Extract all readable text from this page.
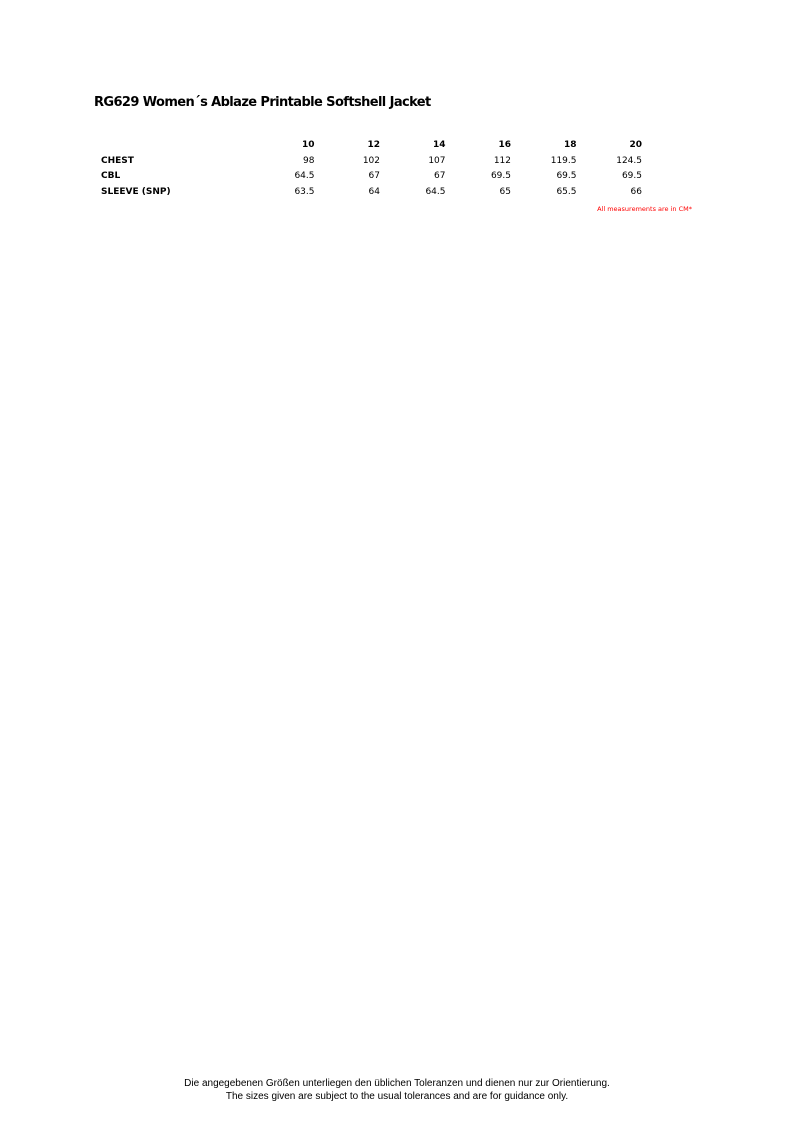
RG629 Women´s Ablaze Printable Softshell Jacket
	10	12	14	16	18	20
CHEST	98	102	107	112	119.5	124.5
CBL	64.5	67	67	69.5	69.5	69.5
SLEEVE (SNP)	63.5	64	64.5	65	65.5	66
All measurements are in CM*
Die angegebenen Größen unterliegen den üblichen Toleranzen und dienen nur zur Orientierung.
The sizes given are subject to the usual tolerances and are for guidance only.
